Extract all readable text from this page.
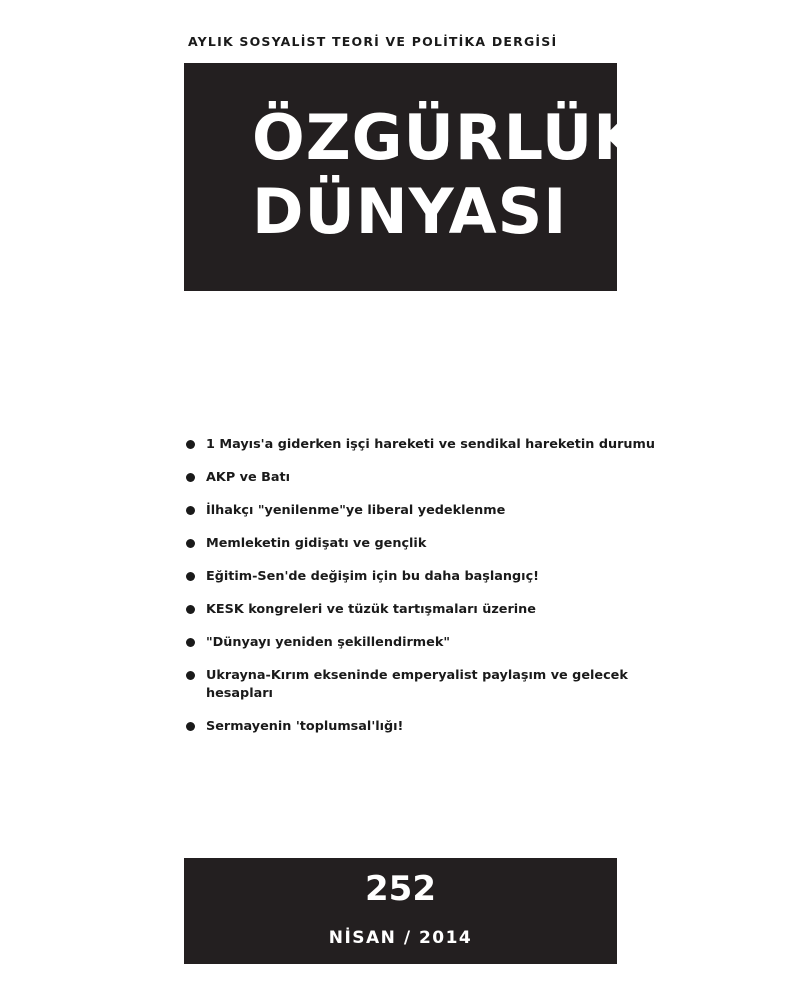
AYLIK SOSYALİST TEORİ VE POLİTİKA DERGİSİ
ÖZGÜRLÜK
DÜNYASI
1 Mayıs'a giderken işçi hareketi ve sendikal hareketin durumu
AKP ve Batı
İlhakçı "yenilenme"ye liberal yedeklenme
Memleketin gidişatı ve gençlik
Eğitim-Sen'de değişim için bu daha başlangıç!
KESK kongreleri ve tüzük tartışmaları üzerine
"Dünyayı yeniden şekillendirmek"
Ukrayna-Kırım ekseninde emperyalist paylaşım ve gelecek hesapları
Sermayenin 'toplumsal'lığı!
252
NİSAN / 2014
